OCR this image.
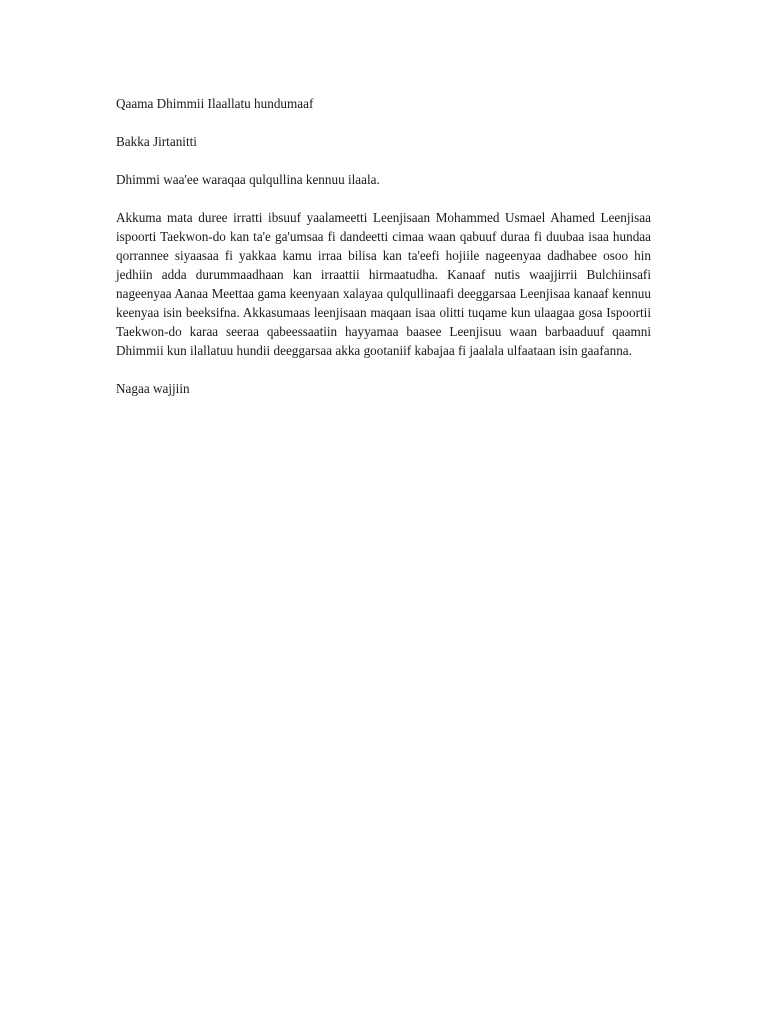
Qaama Dhimmii Ilaallatu hundumaaf

Bakka Jirtanitti

Dhimmi waa'ee waraqaa qulqullina kennuu ilaala.

Akkuma mata duree irratti ibsuuf yaalameetti Leenjisaan Mohammed Usmael Ahamed Leenjisaa ispoorti Taekwon-do kan ta'e ga'umsaa fi dandeetti cimaa waan qabuuf duraa fi duubaa isaa hundaa qorrannee siyaasaa fi yakkaa kamu irraa bilisa kan ta'eefi hojiile nageenyaa dadhabee osoo hin jedhiin adda durummaadhaan kan irraattii hirmaatudha. Kanaaf nutis waajjirrii Bulchiinsafi nageenyaa Aanaa Meettaa gama keenyaan xalayaa qulqullinaafi deeggarsaa Leenjisaa kanaaf kennuu keenyaa isin beeksifna. Akkasumaas leenjisaan maqaan isaa olitti tuqame kun ulaagaa gosa Ispoortii Taekwon-do karaa seeraa qabeessaatiin hayyamaa baasee Leenjisuu waan barbaaduuf qaamni Dhimmii kun ilallatuu hundii deeggarsaa akka gootaniif kabajaa fi jaalala ulfaataan isin gaafanna.

Nagaa wajjiin
